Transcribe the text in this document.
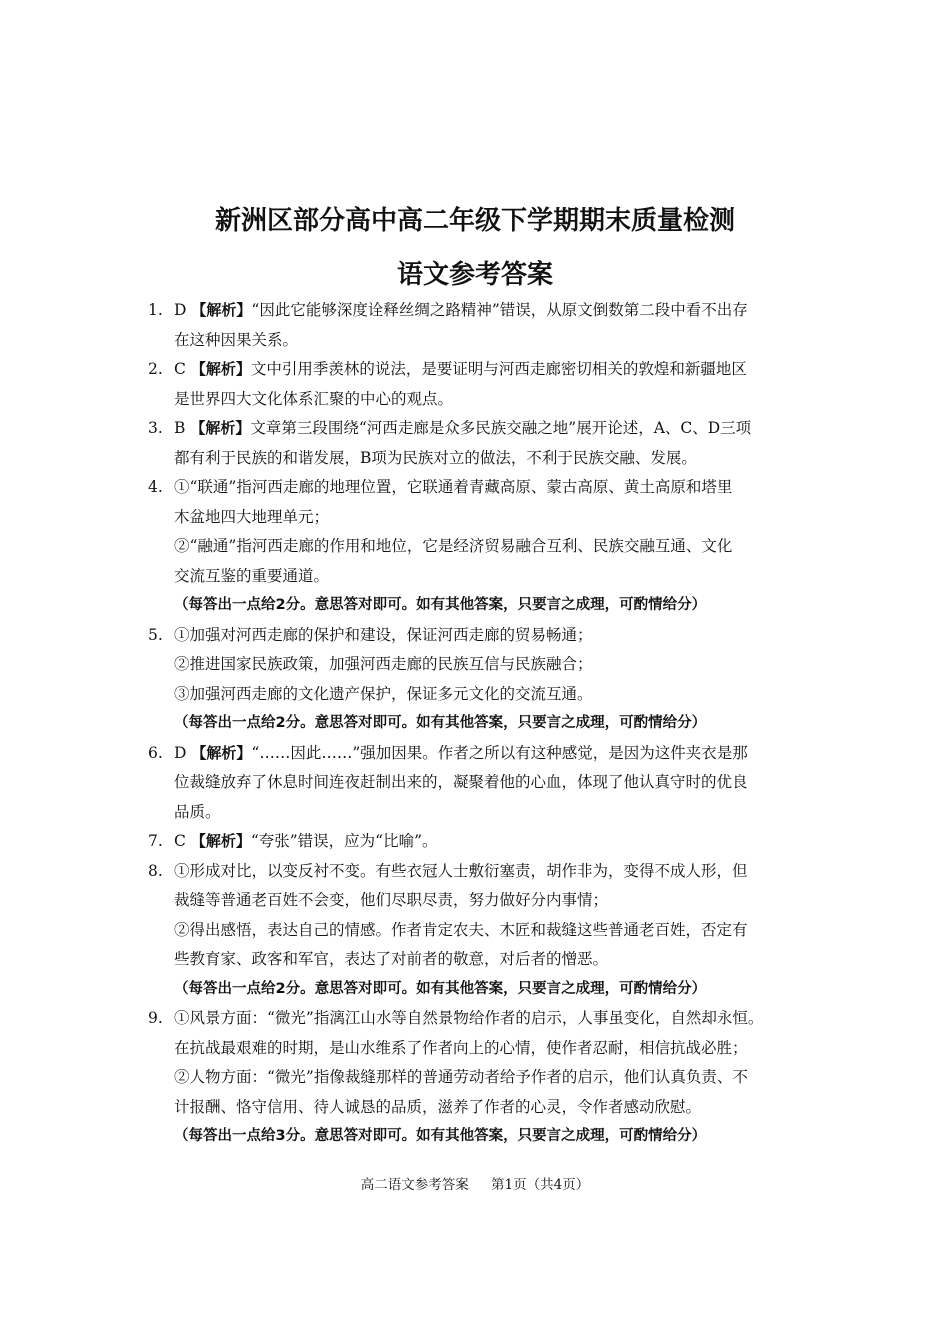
新洲区部分高中高二年级下学期期末质量检测
语文参考答案
1. D 【解析】“因此它能够深度诠释丝绸之路精神”错误，从原文倒数第二段中看不出存
在这种因果关系。
2. C 【解析】文中引用季羡林的说法，是要证明与河西走廊密切相关的敦煌和新疆地区
是世界四大文化体系汇聚的中心的观点。
3. B 【解析】文章第三段围绕“河西走廊是众多民族交融之地”展开论述，A、C、D三项
都有利于民族的和谐发展，B项为民族对立的做法，不利于民族交融、发展。
4. ①“联通”指河西走廊的地理位置，它联通着青藏高原、蒙古高原、黄土高原和塔里
木盆地四大地理单元；
②“融通”指河西走廊的作用和地位，它是经济贸易融合互利、民族交融互通、文化
交流互鉴的重要通道。
（每答出一点给2分。意思答对即可。如有其他答案，只要言之成理，可酌情给分）
5. ①加强对河西走廊的保护和建设，保证河西走廊的贸易畅通；
②推进国家民族政策，加强河西走廊的民族互信与民族融合；
③加强河西走廊的文化遗产保护，保证多元文化的交流互通。
（每答出一点给2分。意思答对即可。如有其他答案，只要言之成理，可酌情给分）
6. D 【解析】“……因此……”强加因果。作者之所以有这种感觉，是因为这件夹衣是那
位裁缝放弃了休息时间连夜赶制出来的，凝聚着他的心血，体现了他认真守时的优良
品质。
7. C 【解析】“夸张”错误，应为“比喻”。
8. ①形成对比，以变反衬不变。有些衣冠人士敷衍塞责，胡作非为，变得不成人形，但
裁缝等普通老百姓不会变，他们尽职尽责，努力做好分内事情；
②得出感悟，表达自己的情感。作者肯定农夫、木匠和裁缝这些普通老百姓，否定有
些教育家、政客和军官，表达了对前者的敬意，对后者的憎恶。
（每答出一点给2分。意思答对即可。如有其他答案，只要言之成理，可酌情给分）
9. ①风景方面：“微光”指漓江山水等自然景物给作者的启示，人事虽变化，自然却永恒。
在抗战最艰难的时期，是山水维系了作者向上的心情，使作者忍耐，相信抗战必胜；
②人物方面：“微光”指像裁缝那样的普通劳动者给予作者的启示，他们认真负责、不
计报酬、恪守信用、待人诚恳的品质，滋养了作者的心灵，令作者感动欣慰。
（每答出一点给3分。意思答对即可。如有其他答案，只要言之成理，可酌情给分）
高二语文参考答案 第1页（共4页）
